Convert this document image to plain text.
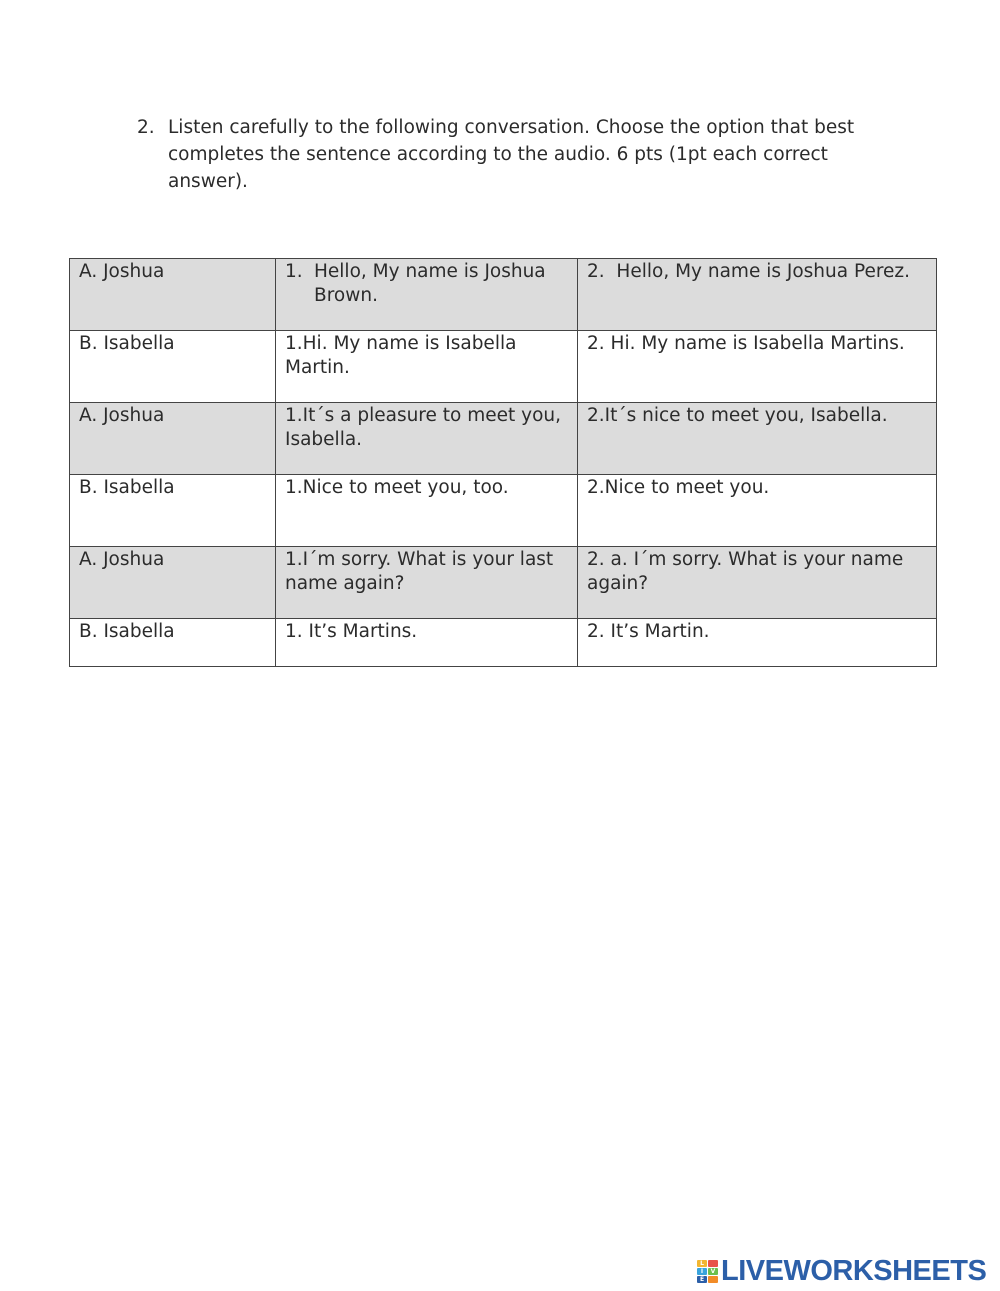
2. Listen carefully to the following conversation. Choose the option that best completes the sentence according to the audio. 6 pts (1pt each correct answer).
A. Joshua	1. Hello, My name is Joshua Brown.	2. Hello, My name is Joshua Perez.
B. Isabella	1.Hi. My name is Isabella Martin.	2. Hi. My name is Isabella Martins.
A. Joshua	1.It´s a pleasure to meet you, Isabella.	2.It´s nice to meet you, Isabella.
B. Isabella	1.Nice to meet you, too.	2.Nice to meet you.
A. Joshua	1.I´m sorry. What is your last name again?	2. a. I´m sorry. What is your name again?
B. Isabella	1. It’s Martins.	2. It’s Martin.
L
I	V
E LIVEWORKSHEETS
